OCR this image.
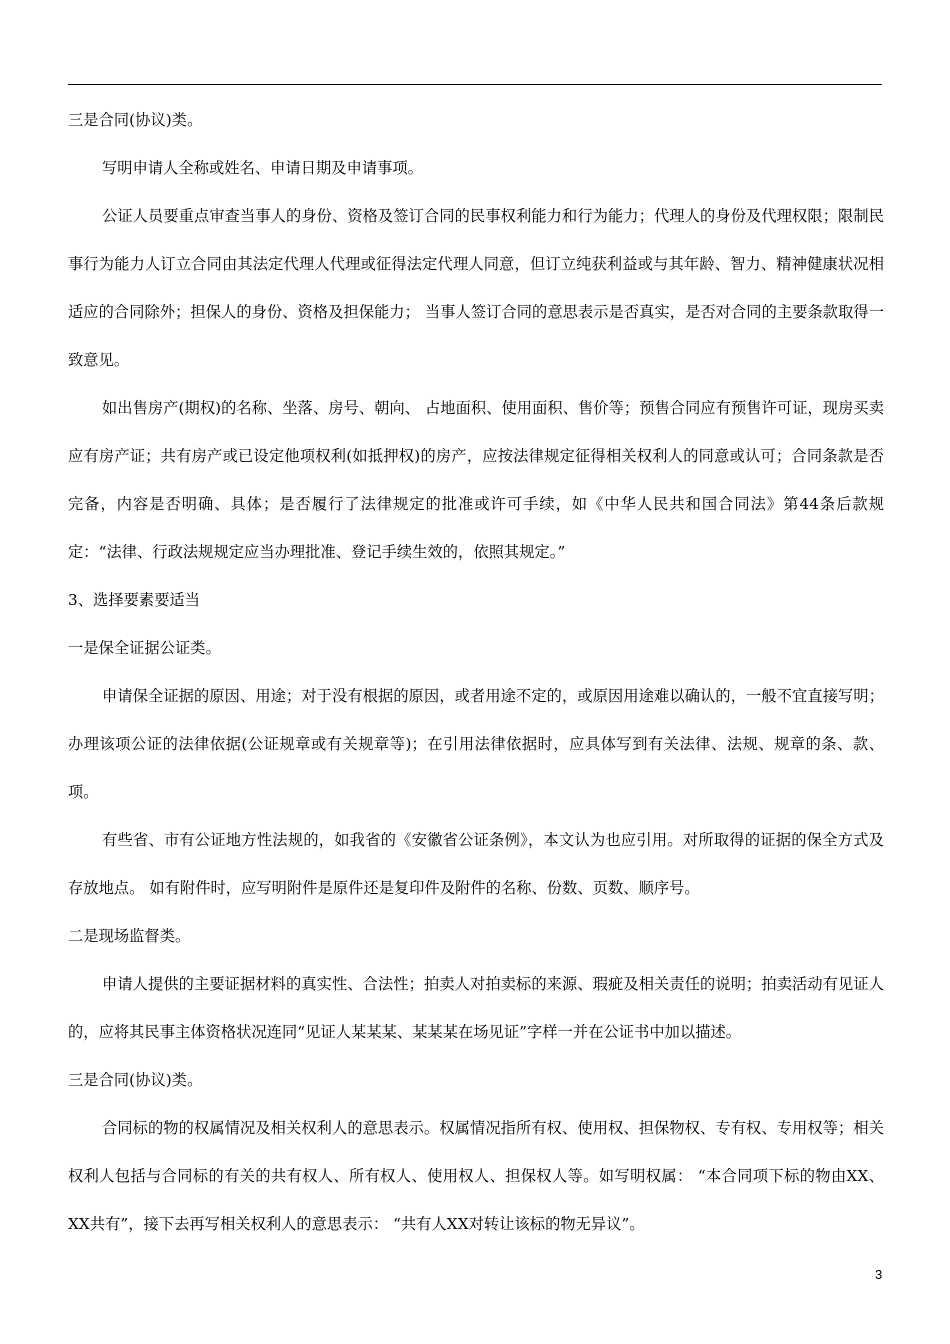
三是合同(协议)类。

写明申请人全称或姓名、申请日期及申请事项。

公证人员要重点审查当事人的身份、资格及签订合同的民事权利能力和行为能力；代理人的身份及代理权限；限制民事行为能力人订立合同由其法定代理人代理或征得法定代理人同意，但订立纯获利益或与其年龄、智力、精神健康状况相适应的合同除外；担保人的身份、资格及担保能力； 当事人签订合同的意思表示是否真实，是否对合同的主要条款取得一致意见。

如出售房产(期权)的名称、坐落、房号、朝向、 占地面积、使用面积、售价等；预售合同应有预售许可证，现房买卖应有房产证；共有房产或已设定他项权利(如抵押权)的房产，应按法律规定征得相关权利人的同意或认可；合同条款是否完备，内容是否明确、具体；是否履行了法律规定的批准或许可手续，如《中华人民共和国合同法》第44条后款规定：“法律、行政法规规定应当办理批准、登记手续生效的，依照其规定。”

3、选择要素要适当

一是保全证据公证类。

申请保全证据的原因、用途；对于没有根据的原因，或者用途不定的，或原因用途难以确认的，一般不宜直接写明； 办理该项公证的法律依据(公证规章或有关规章等)；在引用法律依据时，应具体写到有关法律、法规、规章的条、款、项。

有些省、市有公证地方性法规的，如我省的《安徽省公证条例》，本文认为也应引用。对所取得的证据的保全方式及存放地点。 如有附件时，应写明附件是原件还是复印件及附件的名称、份数、页数、顺序号。

二是现场监督类。

申请人提供的主要证据材料的真实性、合法性；拍卖人对拍卖标的来源、瑕疵及相关责任的说明；拍卖活动有见证人的，应将其民事主体资格状况连同“见证人某某某、某某某在场见证”字样一并在公证书中加以描述。

三是合同(协议)类。

合同标的物的权属情况及相关权利人的意思表示。权属情况指所有权、使用权、担保物权、专有权、专用权等；相关权利人包括与合同标的有关的共有权人、所有权人、使用权人、担保权人等。如写明权属： “本合同项下标的物由XX、XX共有”，接下去再写相关权利人的意思表示： “共有人XX对转让该标的物无异议”。

3
